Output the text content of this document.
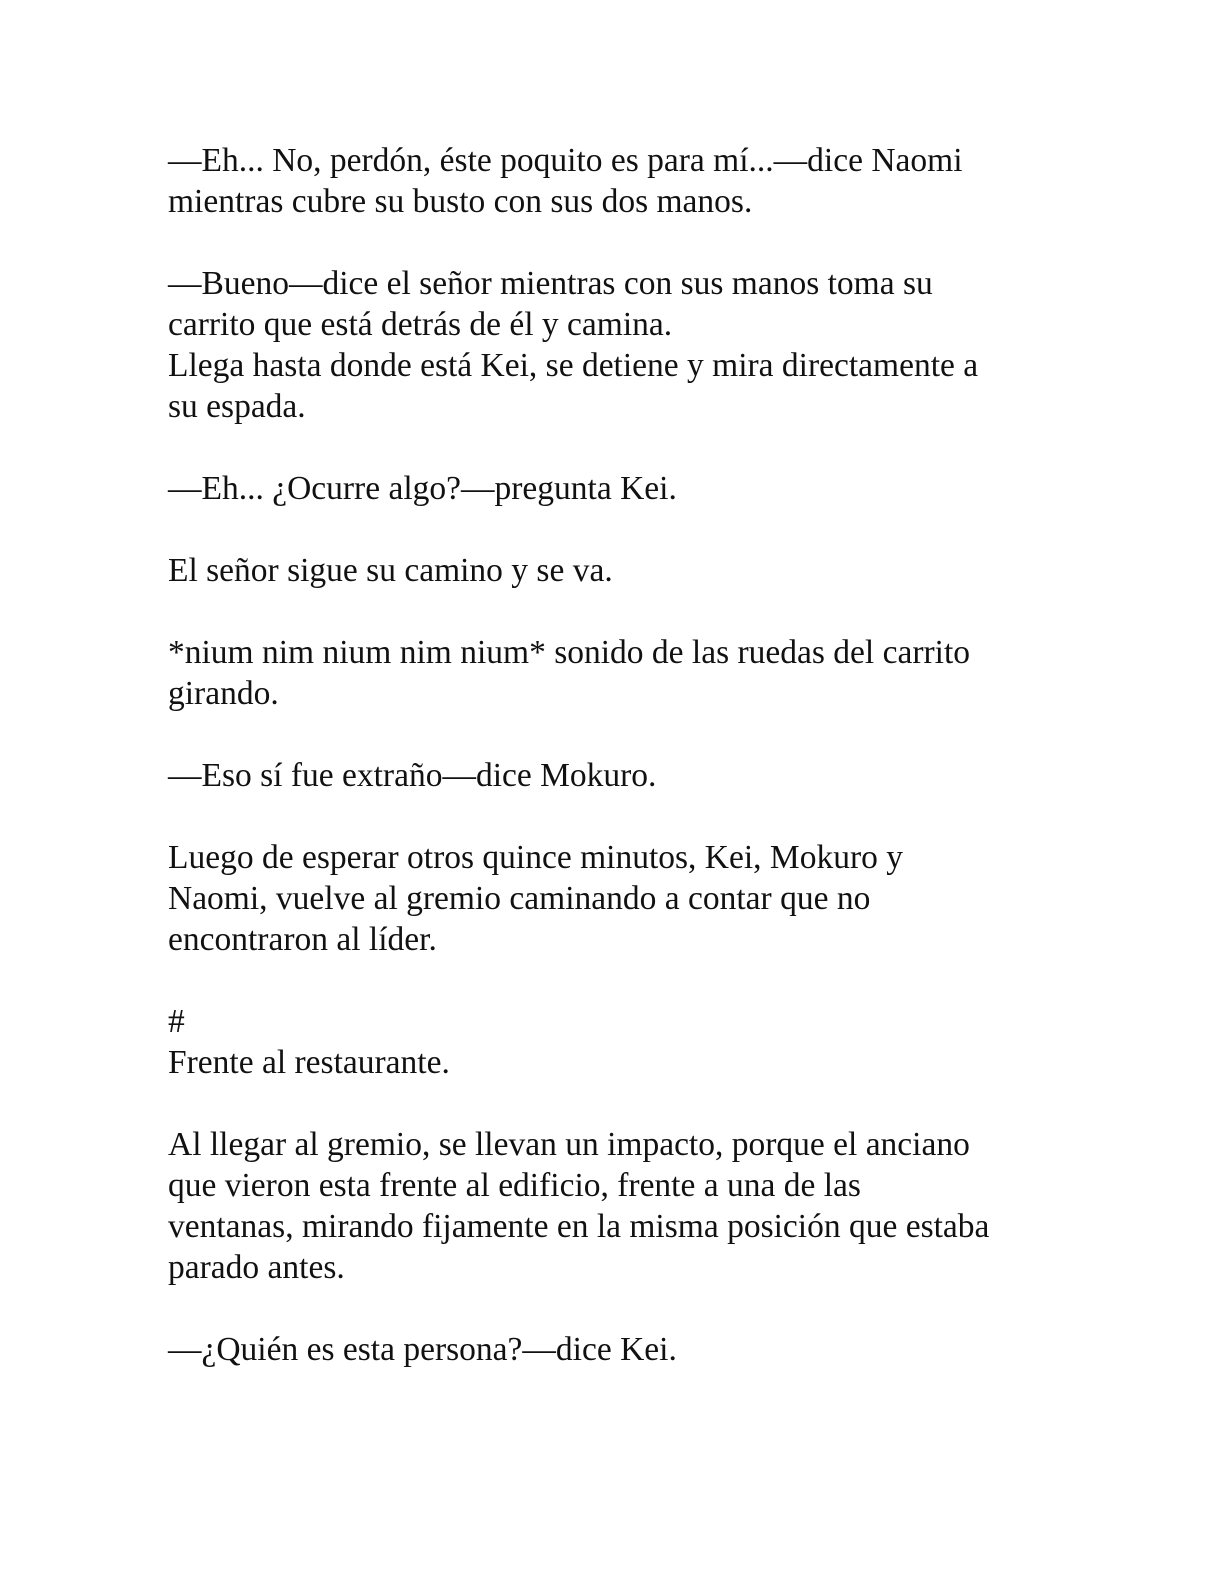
—Eh... No, perdón, éste poquito es para mí...—dice Naomi
mientras cubre su busto con sus dos manos.
—Bueno—dice el señor mientras con sus manos toma su
carrito que está detrás de él y camina.
Llega hasta donde está Kei, se detiene y mira directamente a
su espada.
—Eh... ¿Ocurre algo?—pregunta Kei.
El señor sigue su camino y se va.
*nium nim nium nim nium* sonido de las ruedas del carrito
girando.
—Eso sí fue extraño—dice Mokuro.
Luego de esperar otros quince minutos, Kei, Mokuro y
Naomi, vuelve al gremio caminando a contar que no
encontraron al líder.
#
Frente al restaurante.
Al llegar al gremio, se llevan un impacto, porque el anciano
que vieron esta frente al edificio, frente a una de las
ventanas, mirando fijamente en la misma posición que estaba
parado antes.
—¿Quién es esta persona?—dice Kei.
